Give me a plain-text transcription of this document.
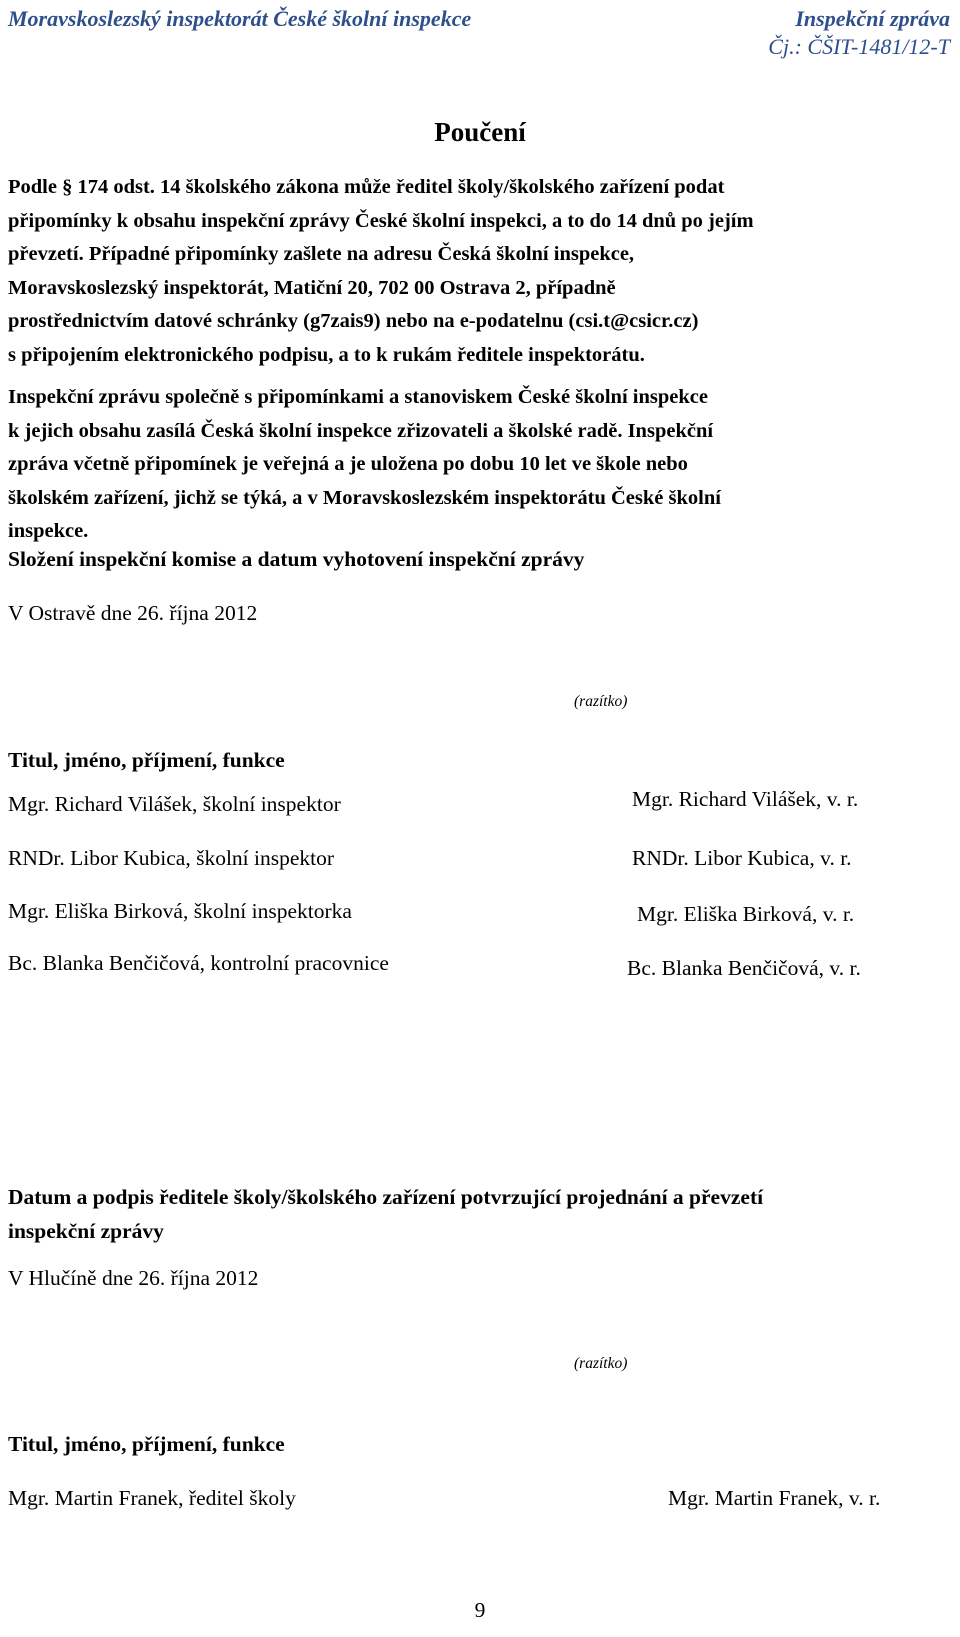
Moravskoslezský inspektorát České školní inspekce	Inspekční zpráva
Čj.: ČŠIT-1481/12-T
Poučení
Podle § 174 odst. 14 školského zákona může ředitel školy/školského zařízení podat
připomínky k obsahu inspekční zprávy České školní inspekci, a to do 14 dnů po jejím
převzetí. Případné připomínky zašlete na adresu Česká školní inspekce,
Moravskoslezský inspektorát, Matiční 20, 702 00 Ostrava 2, případně
prostřednictvím datové schránky (g7zais9) nebo na e-podatelnu (csi.t@csicr.cz)
s připojením elektronického podpisu, a to k rukám ředitele inspektorátu.
Inspekční zprávu společně s připomínkami a stanoviskem České školní inspekce
k jejich obsahu zasílá Česká školní inspekce zřizovateli a školské radě. Inspekční
zpráva včetně připomínek je veřejná a je uložena po dobu 10 let ve škole nebo
školském zařízení, jichž se týká, a v Moravskoslezském inspektorátu České školní
inspekce.
Složení inspekční komise a datum vyhotovení inspekční zprávy
V Ostravě dne 26. října 2012
(razítko)
Titul, jméno, příjmení, funkce
Mgr. Richard Vilášek, školní inspektor	Mgr. Richard Vilášek, v. r.
RNDr. Libor Kubica, školní inspektor	RNDr. Libor Kubica, v. r.
Mgr. Eliška Birková, školní inspektorka	Mgr. Eliška Birková, v. r.
Bc. Blanka Benčičová, kontrolní pracovnice	Bc. Blanka Benčičová, v. r.
Datum a podpis ředitele školy/školského zařízení potvrzující projednání a převzetí
inspekční zprávy
V Hlučíně dne 26. října 2012
(razítko)
Titul, jméno, příjmení, funkce
Mgr. Martin Franek, ředitel školy	Mgr. Martin Franek, v. r.
9
